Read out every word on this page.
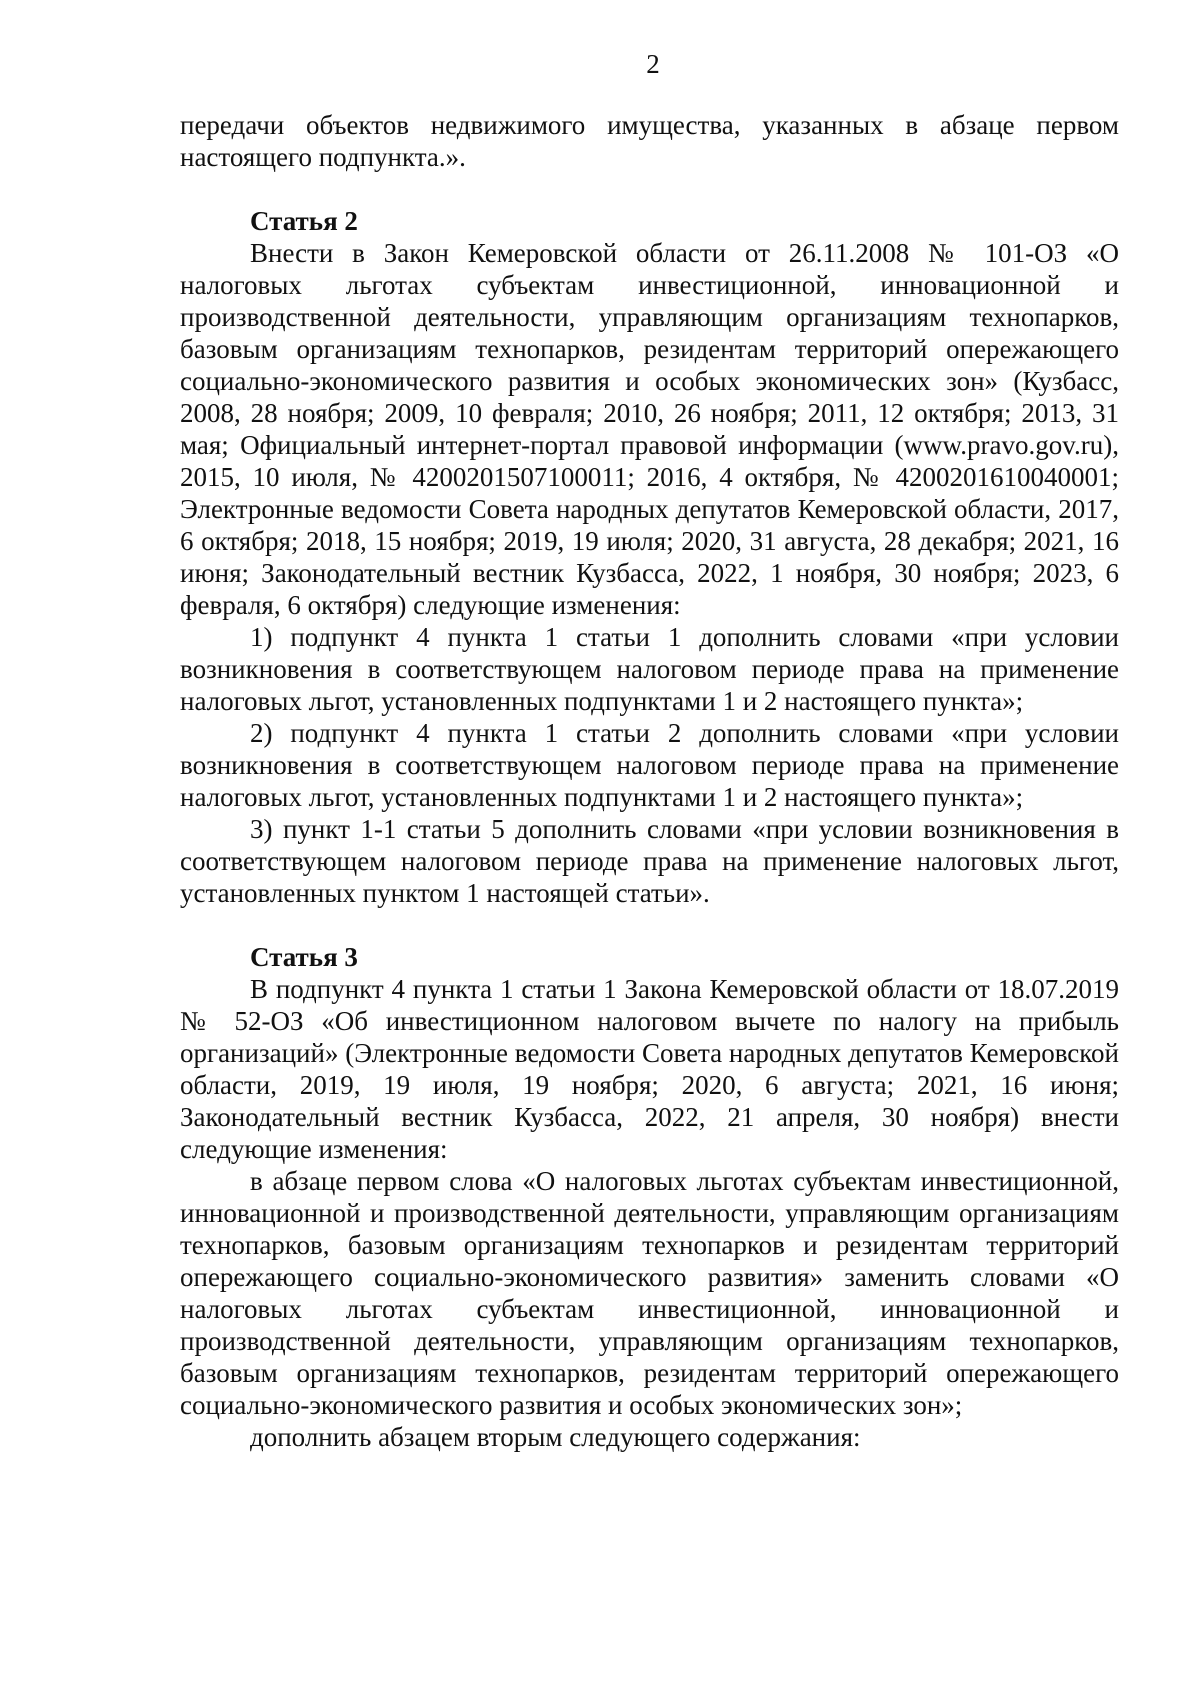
2

передачи объектов недвижимого имущества, указанных в абзаце первом настоящего подпункта.».

Статья 2

Внести в Закон Кемеровской области от 26.11.2008 № 101-ОЗ «О налоговых льготах субъектам инвестиционной, инновационной и производственной деятельности, управляющим организациям технопарков, базовым организациям технопарков, резидентам территорий опережающего социально-экономического развития и особых экономических зон» (Кузбасс, 2008, 28 ноября; 2009, 10 февраля; 2010, 26 ноября; 2011, 12 октября; 2013, 31 мая; Официальный интернет-портал правовой информации (www.pravo.gov.ru), 2015, 10 июля, № 4200201507100011; 2016, 4 октября, № 4200201610040001; Электронные ведомости Совета народных депутатов Кемеровской области, 2017, 6 октября; 2018, 15 ноября; 2019, 19 июля; 2020, 31 августа, 28 декабря; 2021, 16 июня; Законодательный вестник Кузбасса, 2022, 1 ноября, 30 ноября; 2023, 6 февраля, 6 октября) следующие изменения:

1) подпункт 4 пункта 1 статьи 1 дополнить словами «при условии возникновения в соответствующем налоговом периоде права на применение налоговых льгот, установленных подпунктами 1 и 2 настоящего пункта»;

2) подпункт 4 пункта 1 статьи 2 дополнить словами «при условии возникновения в соответствующем налоговом периоде права на применение налоговых льгот, установленных подпунктами 1 и 2 настоящего пункта»;

3) пункт 1-1 статьи 5 дополнить словами «при условии возникновения в соответствующем налоговом периоде права на применение налоговых льгот, установленных пунктом 1 настоящей статьи».

Статья 3

В подпункт 4 пункта 1 статьи 1 Закона Кемеровской области от 18.07.2019 № 52-ОЗ «Об инвестиционном налоговом вычете по налогу на прибыль организаций» (Электронные ведомости Совета народных депутатов Кемеровской области, 2019, 19 июля, 19 ноября; 2020, 6 августа; 2021, 16 июня; Законодательный вестник Кузбасса, 2022, 21 апреля, 30 ноября) внести следующие изменения:

в абзаце первом слова «О налоговых льготах субъектам инвестиционной, инновационной и производственной деятельности, управляющим организациям технопарков, базовым организациям технопарков и резидентам территорий опережающего социально-экономического развития» заменить словами «О налоговых льготах субъектам инвестиционной, инновационной и производственной деятельности, управляющим организациям технопарков, базовым организациям технопарков, резидентам территорий опережающего социально-экономического развития и особых экономических зон»;

дополнить абзацем вторым следующего содержания:
